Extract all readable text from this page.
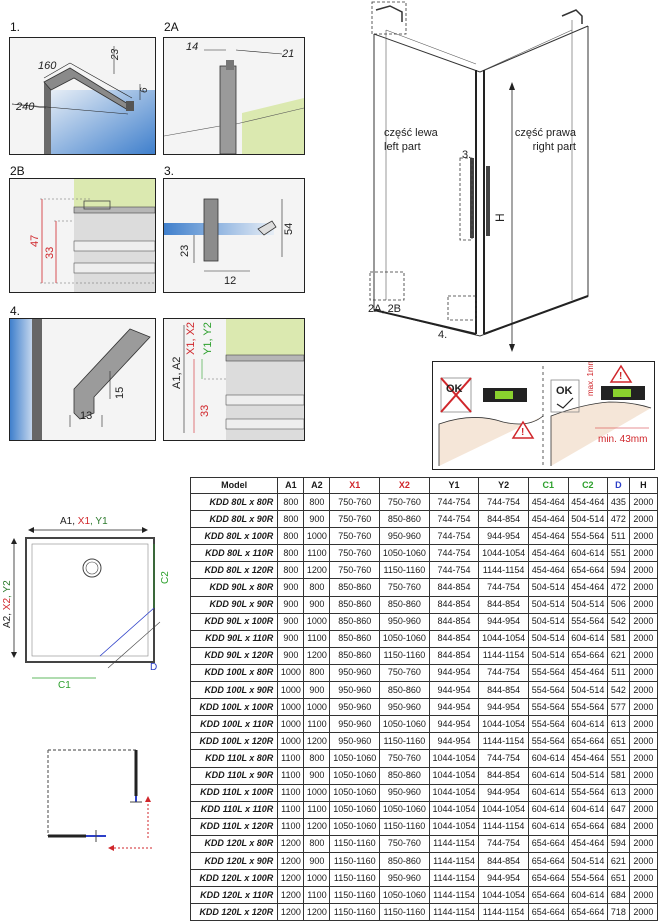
1.
160
23
6
240
2A
14
21
2B
47
33
3.
54
23
12
4.
13
15
A1, A2
X1, X2 Y1, Y2
33
część lewa
left part
część prawa
right part
3.
2A, 2B
4.
H
OK	OK
!
!
max. 1mm
min. 43mm
A1, X1, Y1
A2, X2, Y2
C2
C1
D
Model	A1	A2	X1	X2	Y1	Y2	C1	C2	D	H
KDD 80L x 80R	800	800	750-760	750-760	744-754	744-754	454-464	454-464	435	2000
KDD 80L x 90R	800	900	750-760	850-860	744-754	844-854	454-464	504-514	472	2000
KDD 80L x 100R	800	1000	750-760	950-960	744-754	944-954	454-464	554-564	511	2000
KDD 80L x 110R	800	1100	750-760	1050-1060	744-754	1044-1054	454-464	604-614	551	2000
KDD 80L x 120R	800	1200	750-760	1150-1160	744-754	1144-1154	454-464	654-664	594	2000
KDD 90L x 80R	900	800	850-860	750-760	844-854	744-754	504-514	454-464	472	2000
KDD 90L x 90R	900	900	850-860	850-860	844-854	844-854	504-514	504-514	506	2000
KDD 90L x 100R	900	1000	850-860	950-960	844-854	944-954	504-514	554-564	542	2000
KDD 90L x 110R	900	1100	850-860	1050-1060	844-854	1044-1054	504-514	604-614	581	2000
KDD 90L x 120R	900	1200	850-860	1150-1160	844-854	1144-1154	504-514	654-664	621	2000
KDD 100L x 80R	1000	800	950-960	750-760	944-954	744-754	554-564	454-464	511	2000
KDD 100L x 90R	1000	900	950-960	850-860	944-954	844-854	554-564	504-514	542	2000
KDD 100L x 100R	1000	1000	950-960	950-960	944-954	944-954	554-564	554-564	577	2000
KDD 100L x 110R	1000	1100	950-960	1050-1060	944-954	1044-1054	554-564	604-614	613	2000
KDD 100L x 120R	1000	1200	950-960	1150-1160	944-954	1144-1154	554-564	654-664	651	2000
KDD 110L x 80R	1100	800	1050-1060	750-760	1044-1054	744-754	604-614	454-464	551	2000
KDD 110L x 90R	1100	900	1050-1060	850-860	1044-1054	844-854	604-614	504-514	581	2000
KDD 110L x 100R	1100	1000	1050-1060	950-960	1044-1054	944-954	604-614	554-564	613	2000
KDD 110L x 110R	1100	1100	1050-1060	1050-1060	1044-1054	1044-1054	604-614	604-614	647	2000
KDD 110L x 120R	1100	1200	1050-1060	1150-1160	1044-1054	1144-1154	604-614	654-664	684	2000
KDD 120L x 80R	1200	800	1150-1160	750-760	1144-1154	744-754	654-664	454-464	594	2000
KDD 120L x 90R	1200	900	1150-1160	850-860	1144-1154	844-854	654-664	504-514	621	2000
KDD 120L x 100R	1200	1000	1150-1160	950-960	1144-1154	944-954	654-664	554-564	651	2000
KDD 120L x 110R	1200	1100	1150-1160	1050-1060	1144-1154	1044-1054	654-664	604-614	684	2000
KDD 120L x 120R	1200	1200	1150-1160	1150-1160	1144-1154	1144-1154	654-664	654-664	718	2000
